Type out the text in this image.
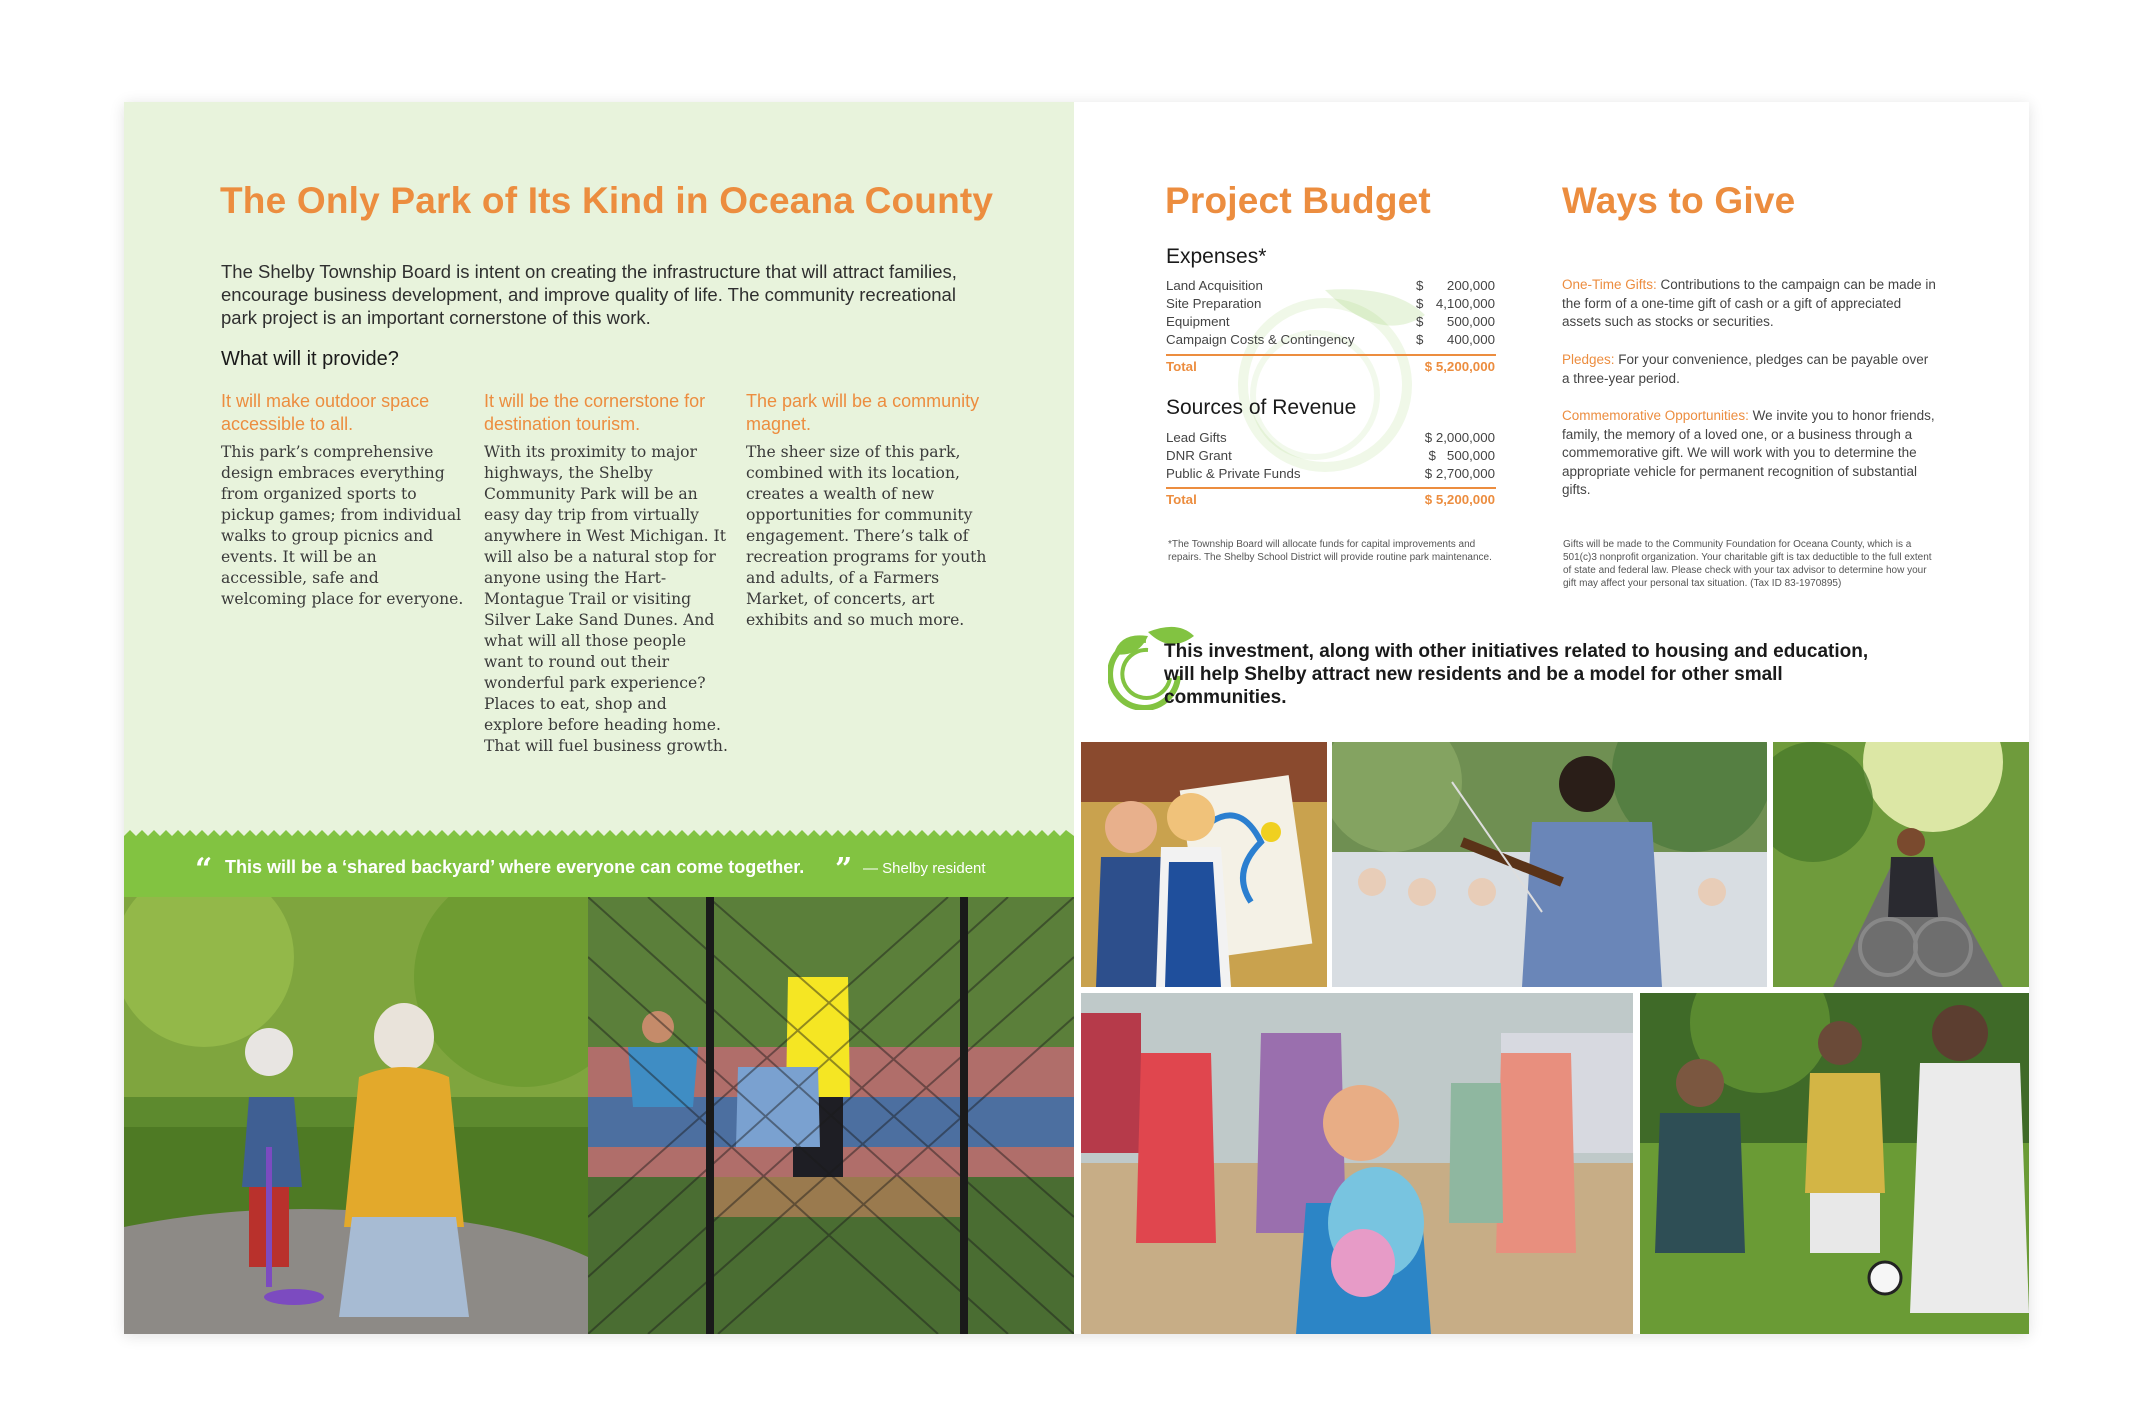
The Only Park of Its Kind in Oceana County
The Shelby Township Board is intent on creating the infrastructure that will attract families, encourage business development, and improve quality of life. The community recreational park project is an important cornerstone of this work.
What will it provide?
It will make outdoor space accessible to all.
This park’s comprehensive design embraces everything from organized sports to pickup games; from individual walks to group picnics and events. It will be an accessible, safe and welcoming place for everyone.
It will be the cornerstone for destination tourism.
With its proximity to major highways, the Shelby Community Park will be an easy day trip from virtually anywhere in West Michigan. It will also be a natural stop for anyone using the Hart-Montague Trail or visiting Silver Lake Sand Dunes. And what will all those people want to round out their wonderful park experience? Places to eat, shop and explore before heading home. That will fuel business growth.
The park will be a community magnet.
The sheer size of this park, combined with its location, creates a wealth of new opportunities for community engagement. There’s talk of recreation programs for youth and adults, of a Farmers Market, of concerts, art exhibits and so much more.
“ This will be a ‘shared backyard’ where everyone can come together. ” — Shelby resident
Project Budget
Expenses*
Land Acquisition	$	200,000
Site Preparation	$ 4,100,000
Equipment	$	500,000
Campaign Costs & Contingency	$	400,000
Total	$ 5,200,000
Sources of Revenue
Lead Gifts	$ 2,000,000
DNR Grant	$   500,000
Public & Private Funds	$ 2,700,000
Total	$ 5,200,000
*The Township Board will allocate funds for capital improvements and repairs. The Shelby School District will provide routine park maintenance.
Ways to Give
One-Time Gifts: Contributions to the campaign can be made in the form of a one-time gift of cash or a gift of appreciated assets such as stocks or securities.
Pledges: For your convenience, pledges can be payable over a three-year period.
Commemorative Opportunities: We invite you to honor friends, family, the memory of a loved one, or a business through a commemorative gift. We will work with you to determine the appropriate vehicle for permanent recognition of substantial gifts.
Gifts will be made to the Community Foundation for Oceana County, which is a 501(c)3 nonprofit organization. Your charitable gift is tax deductible to the full extent of state and federal law. Please check with your tax advisor to determine how your gift may affect your personal tax situation. (Tax ID 83-1970895)
This investment, along with other initiatives related to housing and education, will help Shelby attract new residents and be a model for other small communities.
